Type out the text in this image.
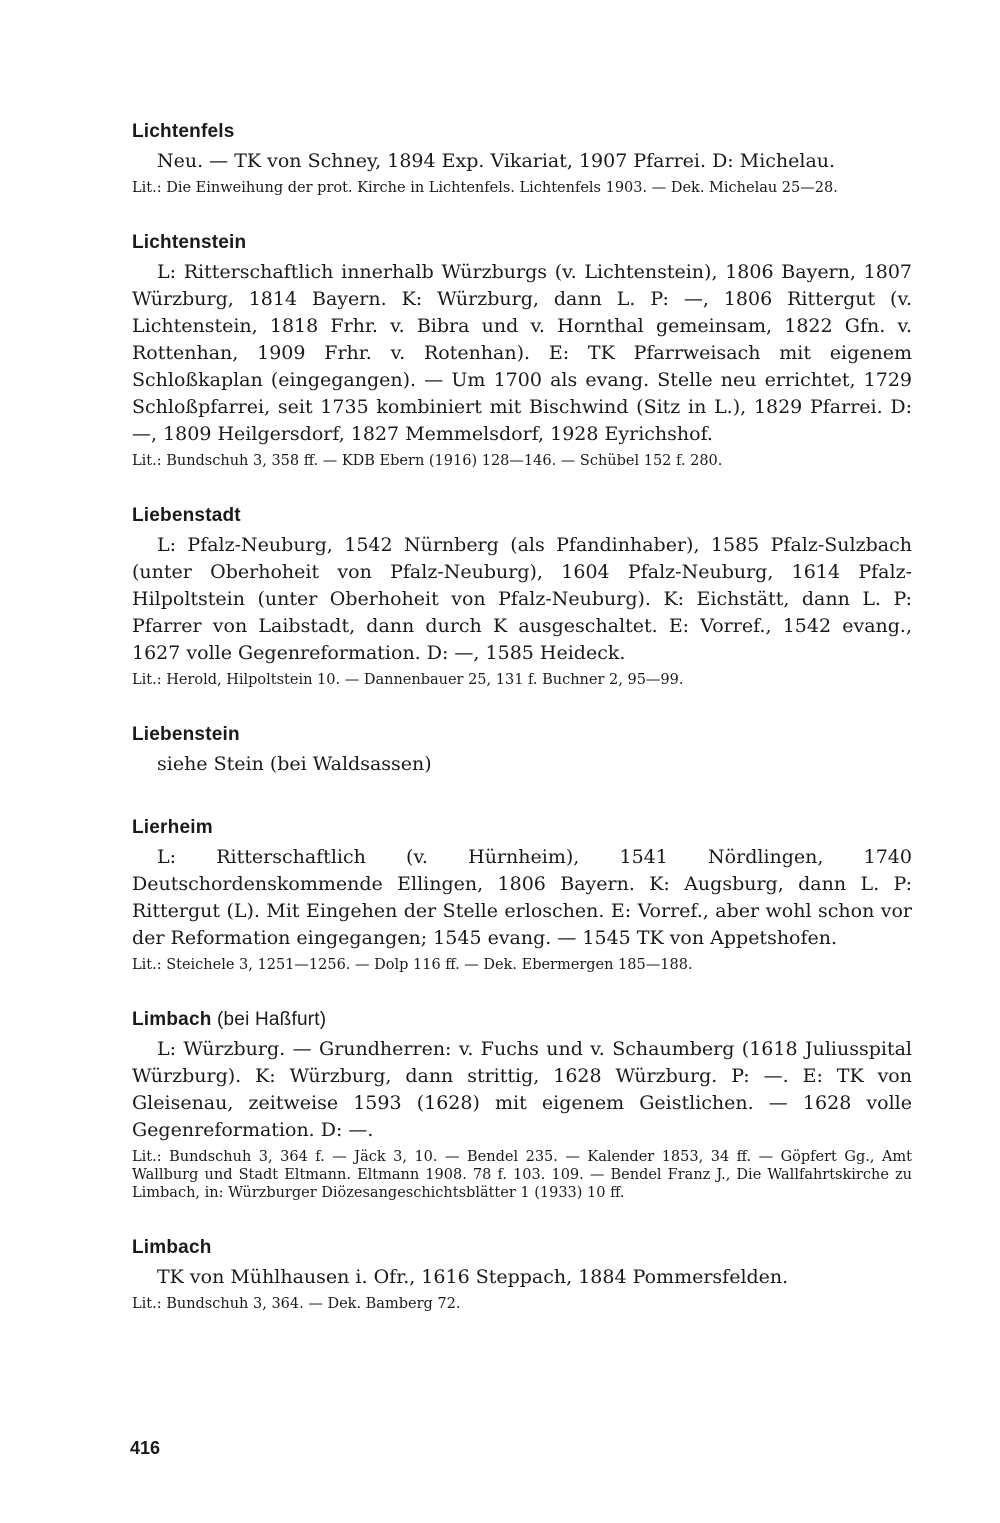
Lichtenfels

Neu. — TK von Schney, 1894 Exp. Vikariat, 1907 Pfarrei. D: Michelau.

Lit.: Die Einweihung der prot. Kirche in Lichtenfels. Lichtenfels 1903. — Dek. Michelau 25—28.

Lichtenstein

L: Ritterschaftlich innerhalb Würzburgs (v. Lichtenstein), 1806 Bayern, 1807 Würzburg, 1814 Bayern. K: Würzburg, dann L. P: —, 1806 Rittergut (v. Lichtenstein, 1818 Frhr. v. Bibra und v. Hornthal gemeinsam, 1822 Gfn. v. Rottenhan, 1909 Frhr. v. Rotenhan). E: TK Pfarrweisach mit eigenem Schloßkaplan (eingegangen). — Um 1700 als evang. Stelle neu errichtet, 1729 Schloßpfarrei, seit 1735 kombiniert mit Bischwind (Sitz in L.), 1829 Pfarrei. D: —, 1809 Heilgersdorf, 1827 Memmelsdorf, 1928 Eyrichshof.

Lit.: Bundschuh 3, 358 ff. — KDB Ebern (1916) 128—146. — Schübel 152 f. 280.

Liebenstadt

L: Pfalz-Neuburg, 1542 Nürnberg (als Pfandinhaber), 1585 Pfalz-Sulzbach (unter Oberhoheit von Pfalz-Neuburg), 1604 Pfalz-Neuburg, 1614 Pfalz-Hilpoltstein (unter Oberhoheit von Pfalz-Neuburg). K: Eichstätt, dann L. P: Pfarrer von Laibstadt, dann durch K ausgeschaltet. E: Vorref., 1542 evang., 1627 volle Gegenreformation. D: —, 1585 Heideck.

Lit.: Herold, Hilpoltstein 10. — Dannenbauer 25, 131 f. Buchner 2, 95—99.

Liebenstein

siehe Stein (bei Waldsassen)

Lierheim

L: Ritterschaftlich (v. Hürnheim), 1541 Nördlingen, 1740 Deutschordenskommende Ellingen, 1806 Bayern. K: Augsburg, dann L. P: Rittergut (L). Mit Eingehen der Stelle erloschen. E: Vorref., aber wohl schon vor der Reformation eingegangen; 1545 evang. — 1545 TK von Appetshofen.

Lit.: Steichele 3, 1251—1256. — Dolp 116 ff. — Dek. Ebermergen 185—188.

Limbach (bei Haßfurt)

L: Würzburg. — Grundherren: v. Fuchs und v. Schaumberg (1618 Juliusspital Würzburg). K: Würzburg, dann strittig, 1628 Würzburg. P: —. E: TK von Gleisenau, zeitweise 1593 (1628) mit eigenem Geistlichen. — 1628 volle Gegenreformation. D: —.

Lit.: Bundschuh 3, 364 f. — Jäck 3, 10. — Bendel 235. — Kalender 1853, 34 ff. — Göpfert Gg., Amt Wallburg und Stadt Eltmann. Eltmann 1908. 78 f. 103. 109. — Bendel Franz J., Die Wallfahrtskirche zu Limbach, in: Würzburger Diözesangeschichtsblätter 1 (1933) 10 ff.

Limbach

TK von Mühlhausen i. Ofr., 1616 Steppach, 1884 Pommersfelden.

Lit.: Bundschuh 3, 364. — Dek. Bamberg 72.

416
